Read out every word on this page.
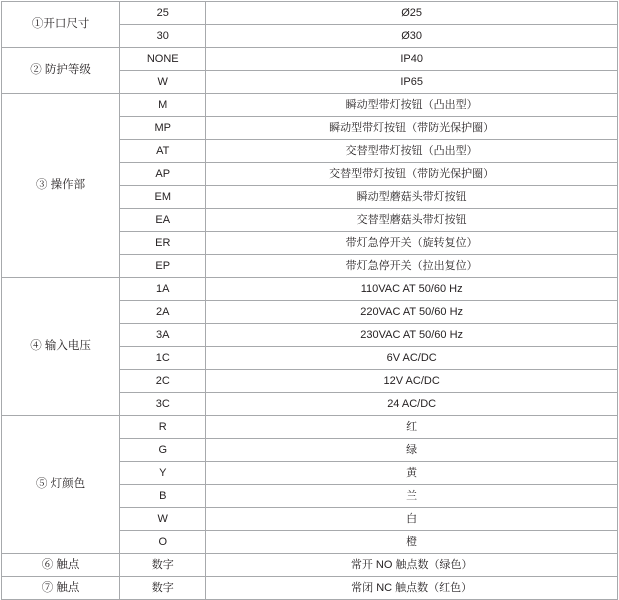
①开口尺寸	25	Ø25
	30	Ø30
② 防护等级	NONE	IP40
	W	IP65
③ 操作部	M	瞬动型带灯按钮（凸出型）
	MP	瞬动型带灯按钮（带防光保护圈）
	AT	交替型带灯按钮（凸出型）
	AP	交替型带灯按钮（带防光保护圈）
	EM	瞬动型蘑菇头带灯按钮
	EA	交替型蘑菇头带灯按钮
	ER	带灯急停开关（旋转复位）
	EP	带灯急停开关（拉出复位）
④ 输入电压	1A	110VAC AT 50/60 Hz
	2A	220VAC AT 50/60 Hz
	3A	230VAC AT 50/60 Hz
	1C	6V AC/DC
	2C	12V AC/DC
	3C	24 AC/DC
⑤ 灯颜色	R	红
	G	绿
	Y	黄
	B	兰
	W	白
	O	橙
⑥ 触点	数字	常开 NO 触点数（绿色）
⑦ 触点	数字	常闭 NC 触点数（红色）
